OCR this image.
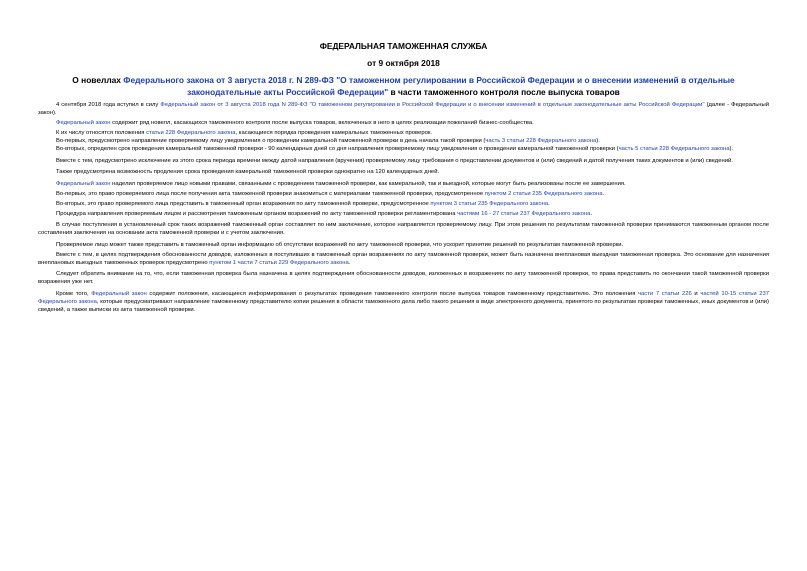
ФЕДЕРАЛЬНАЯ ТАМОЖЕННАЯ СЛУЖБА
от 9 октября 2018
О новеллах Федерального закона от 3 августа 2018 г. N 289-ФЗ "О таможенном регулировании в Российской Федерации и о внесении изменений в отдельные законодательные акты Российской Федерации" в части таможенного контроля после выпуска товаров

4 сентября 2018 года вступил в силу Федеральный закон от 3 августа 2018 года N 289-ФЗ "О таможенном регулировании в Российской Федерации и о внесении изменений в отдельные законодательные акты Российской Федерации" (далее - Федеральный закон).

Федеральный закон содержит ряд новелл, касающихся таможенного контроля после выпуска товаров, включенных в него в целях реализации пожеланий бизнес-сообщества.

К их числу относятся положения статьи 228 Федерального закона, касающиеся порядка проведения камеральных таможенных проверок.

Во-первых, предусмотрено направление проверяемому лицу уведомления о проведении камеральной таможенной проверки в день начала такой проверки (часть 3 статьи 228 Федерального закона).

Во-вторых, определен срок проведения камеральной таможенной проверки - 90 календарных дней со дня направления проверяемому лицу уведомления о проведении камеральной таможенной проверки (часть 5 статьи 228 Федерального закона).

Вместе с тем, предусмотрено исключение из этого срока периода времени между датой направления (вручения) проверяемому лицу требования о представлении документов и (или) сведений и датой получения таких документов и (или) сведений.

Также предусмотрена возможность продления срока проведения камеральной таможенной проверки однократно на 120 календарных дней.

Федеральный закон наделил проверяемое лицо новыми правами, связанными с проведением таможенной проверки, как камеральной, так и выездной, которые могут быть реализованы после ее завершения.

Во-первых, это право проверяемого лица после получения акта таможенной проверки знакомиться с материалами таможенной проверки, предусмотренное пунктом 2 статьи 235 Федерального закона.

Во-вторых, это право проверяемого лица представить в таможенный орган возражения по акту таможенной проверки, предусмотренное пунктом 3 статьи 235 Федерального закона.

Процедура направления проверяемым лицом и рассмотрения таможенным органом возражений по акту таможенной проверки регламентирована частями 16 - 27 статьи 237 Федерального закона.

В случае поступления в установленный срок таких возражений таможенный орган составляет по ним заключение, которое направляется проверяемому лицу. При этом решения по результатам таможенной проверки принимаются таможенным органом после составления заключения на основании акта таможенной проверки и с учетом заключения.

Проверяемое лицо может также представить в таможенный орган информацию об отсутствии возражений по акту таможенной проверки, что ускорит принятие решений по результатам таможенной проверки.

Вместе с тем, в целях подтверждения обоснованности доводов, изложенных в поступивших в таможенный орган возражениях по акту таможенной проверки, может быть назначена внеплановая выездная таможенная проверка. Это основание для назначения внеплановых выездных таможенных проверок предусмотрено пунктом 1 части 7 статьи 229 Федерального закона.

Следует обратить внимание на то, что, если таможенная проверка была назначена в целях подтверждения обоснованности доводов, изложенных в возражениях по акту таможенной проверки, то права представить по окончании такой таможенной проверки возражения уже нет.

Кроме того, Федеральный закон содержит положения, касающиеся информирования о результатах проведения таможенного контроля после выпуска товаров таможенному представителю. Это положения части 7 статьи 226 и частей 10-15 статьи 237 Федерального закона, которые предусматривают направление таможенному представителю копии решения в области таможенного дела либо такого решения в виде электронного документа, принятого по результатам проверки таможенных, иных документов и (или) сведений, а также выписки из акта таможенной проверки.
